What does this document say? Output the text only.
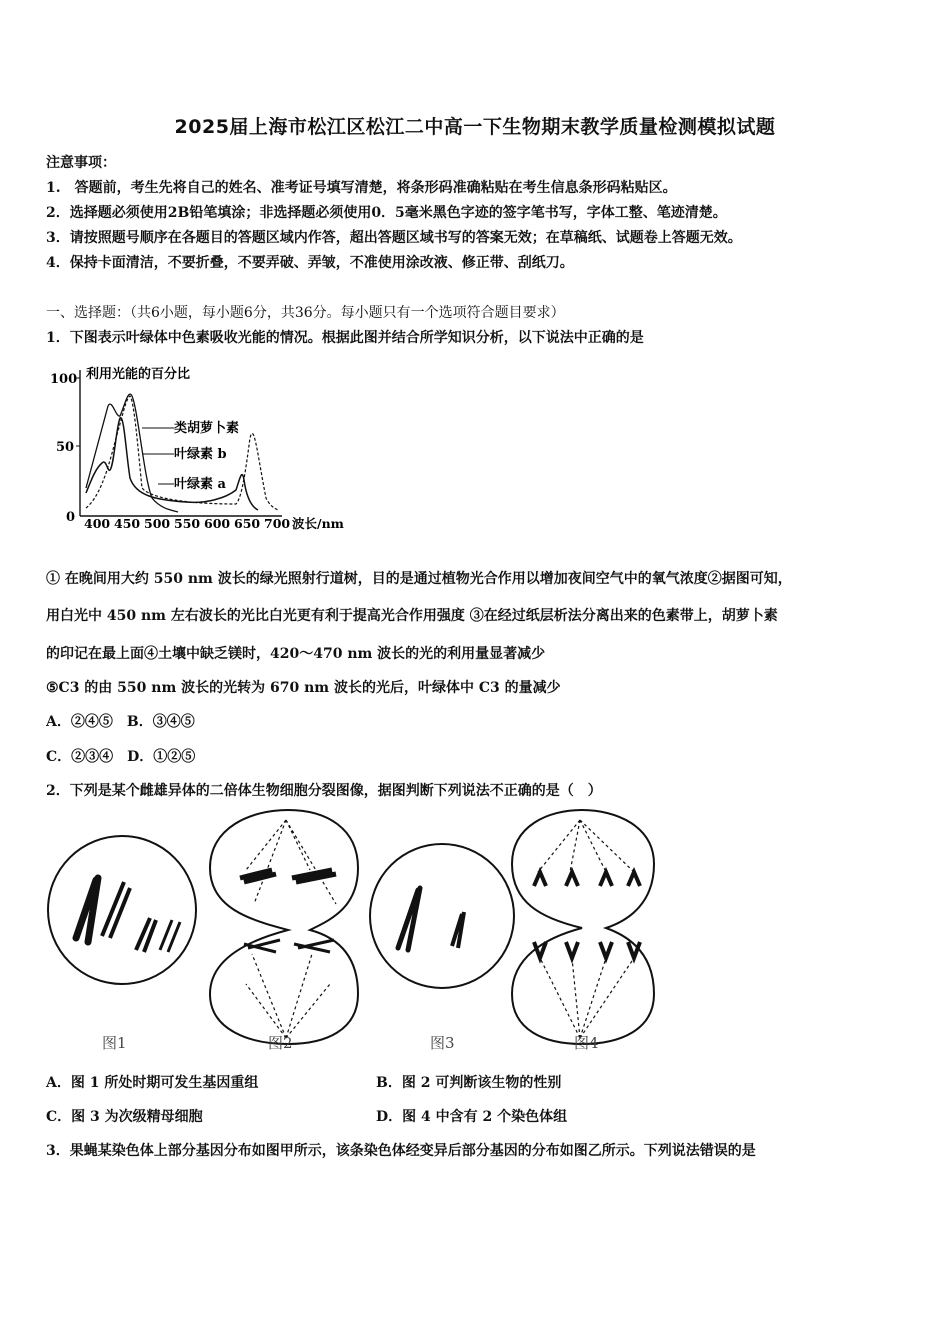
2025届上海市松江区松江二中高一下生物期末教学质量检测模拟试题
注意事项：
1.　答题前，考生先将自己的姓名、准考证号填写清楚，将条形码准确粘贴在考生信息条形码粘贴区。
2．选择题必须使用2B铅笔填涂；非选择题必须使用0．5毫米黑色字迹的签字笔书写，字体工整、笔迹清楚。
3．请按照题号顺序在各题目的答题区域内作答，超出答题区域书写的答案无效；在草稿纸、试题卷上答题无效。
4．保持卡面清洁，不要折叠，不要弄破、弄皱，不准使用涂改液、修正带、刮纸刀。
一、选择题：（共6小题，每小题6分，共36分。每小题只有一个选项符合题目要求）
1．下图表示叶绿体中色素吸收光能的情况。根据此图并结合所学知识分析，以下说法中正确的是
100
50
0
利用光能的百分比
400 450 500 550 600 650 700 波长/nm
类胡萝卜素
叶绿素 b
叶绿素 a
① 在晚间用大约 550 nm 波长的绿光照射行道树，目的是通过植物光合作用以增加夜间空气中的氧气浓度②据图可知，
用白光中 450 nm 左右波长的光比白光更有利于提高光合作用强度 ③在经过纸层析法分离出来的色素带上，胡萝卜素
的印记在最上面④土壤中缺乏镁时，420～470 nm 波长的光的利用量显著减少
⑤C3 的由 550 nm 波长的光转为 670 nm 波长的光后，叶绿体中 C3 的量减少
A．②④⑤　B．③④⑤
C．②③④　D．①②⑤
2．下列是某个雌雄异体的二倍体生物细胞分裂图像，据图判断下列说法不正确的是（　）
图1	图2	图3	图4
A．图 1 所处时期可发生基因重组	B．图 2 可判断该生物的性别
C．图 3 为次级精母细胞	D．图 4 中含有 2 个染色体组
3．果蝇某染色体上部分基因分布如图甲所示，该条染色体经变异后部分基因的分布如图乙所示。下列说法错误的是
